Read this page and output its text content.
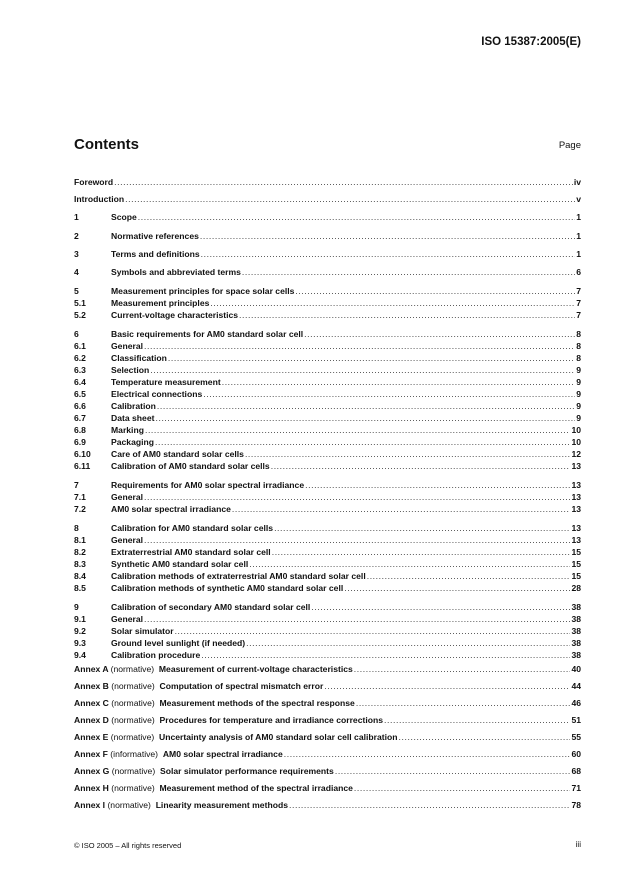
ISO 15387:2005(E)
Contents	Page
Foreword .....	iv
Introduction .....	v
1	Scope .....	1
2	Normative references .....	1
3	Terms and definitions .....	1
4	Symbols and abbreviated terms .....	6
5	Measurement principles for space solar cells .....	7
5.1	Measurement principles .....	7
5.2	Current-voltage characteristics .....	7
6	Basic requirements for AM0 standard solar cell .....	8
6.1	General .....	8
6.2	Classification .....	8
6.3	Selection .....	9
6.4	Temperature measurement .....	9
6.5	Electrical connections .....	9
6.6	Calibration .....	9
6.7	Data sheet .....	9
6.8	Marking .....	10
6.9	Packaging .....	10
6.10	Care of AM0 standard solar cells .....	12
6.11	Calibration of AM0 standard solar cells .....	13
7	Requirements for AM0 solar spectral irradiance .....	13
7.1	General .....	13
7.2	AM0 solar spectral irradiance .....	13
8	Calibration for AM0 standard solar cells .....	13
8.1	General .....	13
8.2	Extraterrestrial AM0 standard solar cell .....	15
8.3	Synthetic AM0 standard solar cell .....	15
8.4	Calibration methods of extraterrestrial AM0 standard solar cell .....	15
8.5	Calibration methods of synthetic AM0 standard solar cell .....	28
9	Calibration of secondary AM0 standard solar cell .....	38
9.1	General .....	38
9.2	Solar simulator .....	38
9.3	Ground level sunlight (if needed) .....	38
9.4	Calibration procedure .....	38
Annex A (normative) Measurement of current-voltage characteristics .....	40
Annex B (normative) Computation of spectral mismatch error .....	44
Annex C (normative) Measurement methods of the spectral response .....	46
Annex D (normative) Procedures for temperature and irradiance corrections .....	51
Annex E (normative) Uncertainty analysis of AM0 standard solar cell calibration .....	55
Annex F (informative) AM0 solar spectral irradiance .....	60
Annex G (normative) Solar simulator performance requirements .....	68
Annex H (normative) Measurement method of the spectral irradiance .....	71
Annex I (normative) Linearity measurement methods .....	78
© ISO 2005 – All rights reserved	iii
